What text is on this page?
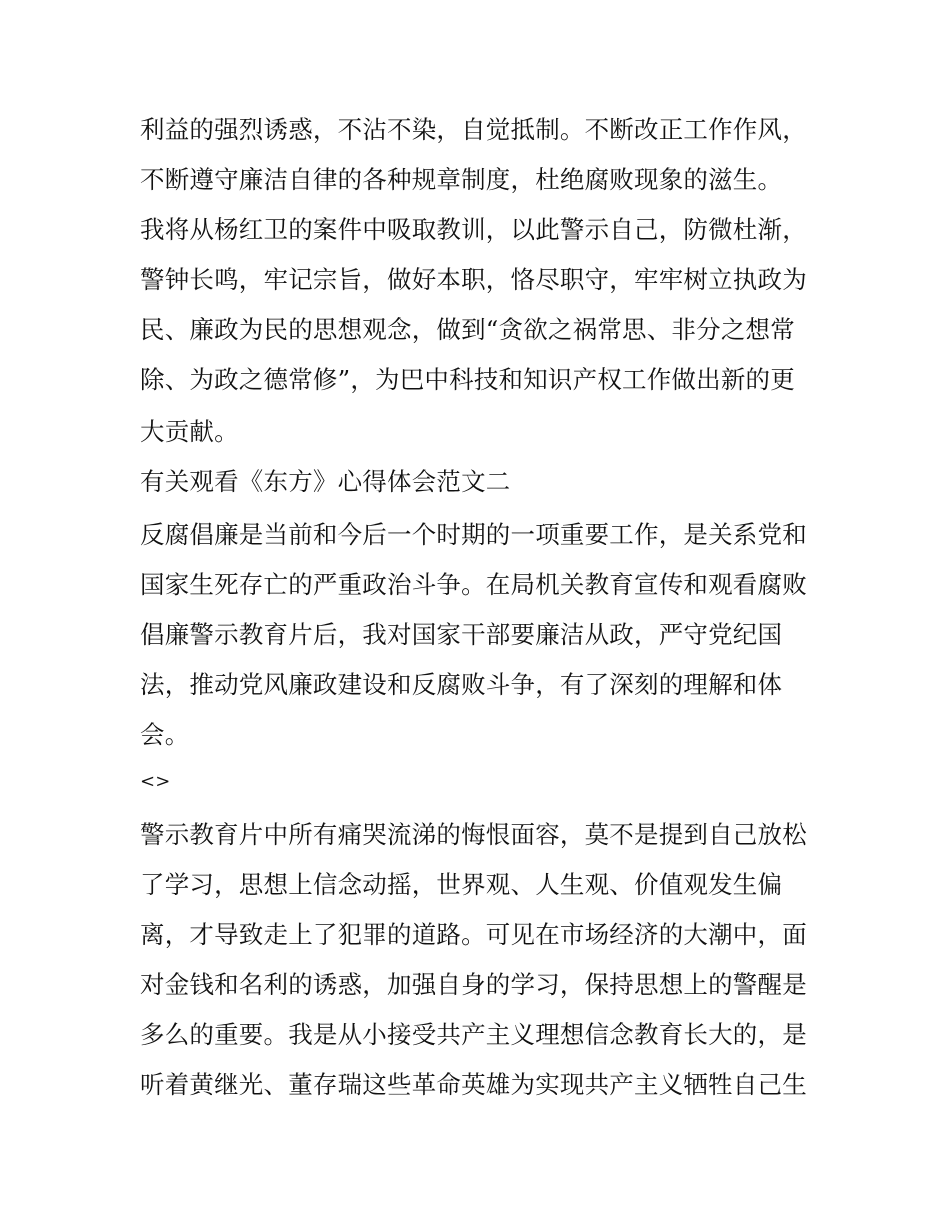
利益的强烈诱惑，不沾不染，自觉抵制。不断改正工作作风，
不断遵守廉洁自律的各种规章制度，杜绝腐败现象的滋生。
我将从杨红卫的案件中吸取教训，以此警示自己，防微杜渐，
警钟长鸣，牢记宗旨，做好本职，恪尽职守，牢牢树立执政为
民、廉政为民的思想观念，做到“贪欲之祸常思、非分之想常
除、为政之德常修”，为巴中科技和知识产权工作做出新的更
大贡献。
有关观看《东方》心得体会范文二
反腐倡廉是当前和今后一个时期的一项重要工作，是关系党和
国家生死存亡的严重政治斗争。在局机关教育宣传和观看腐败
倡廉警示教育片后，我对国家干部要廉洁从政，严守党纪国
法，推动党风廉政建设和反腐败斗争，有了深刻的理解和体
会。
<>
警示教育片中所有痛哭流涕的悔恨面容，莫不是提到自己放松
了学习，思想上信念动摇，世界观、人生观、价值观发生偏
离，才导致走上了犯罪的道路。可见在市场经济的大潮中，面
对金钱和名利的诱惑，加强自身的学习，保持思想上的警醒是
多么的重要。我是从小接受共产主义理想信念教育长大的，是
听着黄继光、董存瑞这些革命英雄为实现共产主义牺牲自己生
